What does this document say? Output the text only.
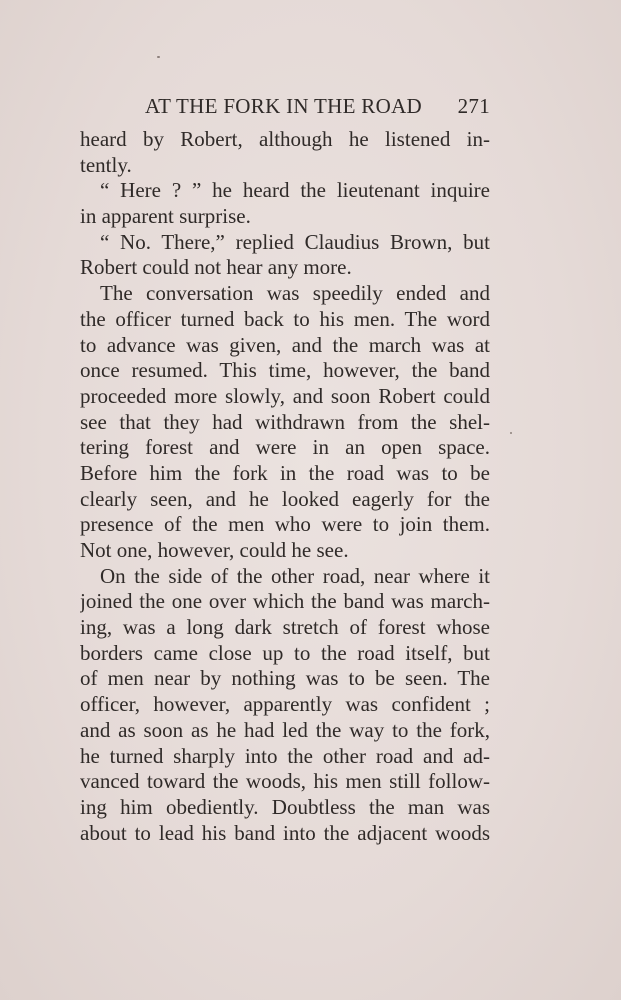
AT THE FORK IN THE ROAD 271
heard by Robert, although he listened in-
tently.
“ Here ? ” he heard the lieutenant inquire
in apparent surprise.
“ No. There,” replied Claudius Brown, but
Robert could not hear any more.
The conversation was speedily ended and
the officer turned back to his men. The word
to advance was given, and the march was at
once resumed. This time, however, the band
proceeded more slowly, and soon Robert could
see that they had withdrawn from the shel-
tering forest and were in an open space.
Before him the fork in the road was to be
clearly seen, and he looked eagerly for the
presence of the men who were to join them.
Not one, however, could he see.
On the side of the other road, near where it
joined the one over which the band was march-
ing, was a long dark stretch of forest whose
borders came close up to the road itself, but
of men near by nothing was to be seen. The
officer, however, apparently was confident ;
and as soon as he had led the way to the fork,
he turned sharply into the other road and ad-
vanced toward the woods, his men still follow-
ing him obediently. Doubtless the man was
about to lead his band into the adjacent woods
